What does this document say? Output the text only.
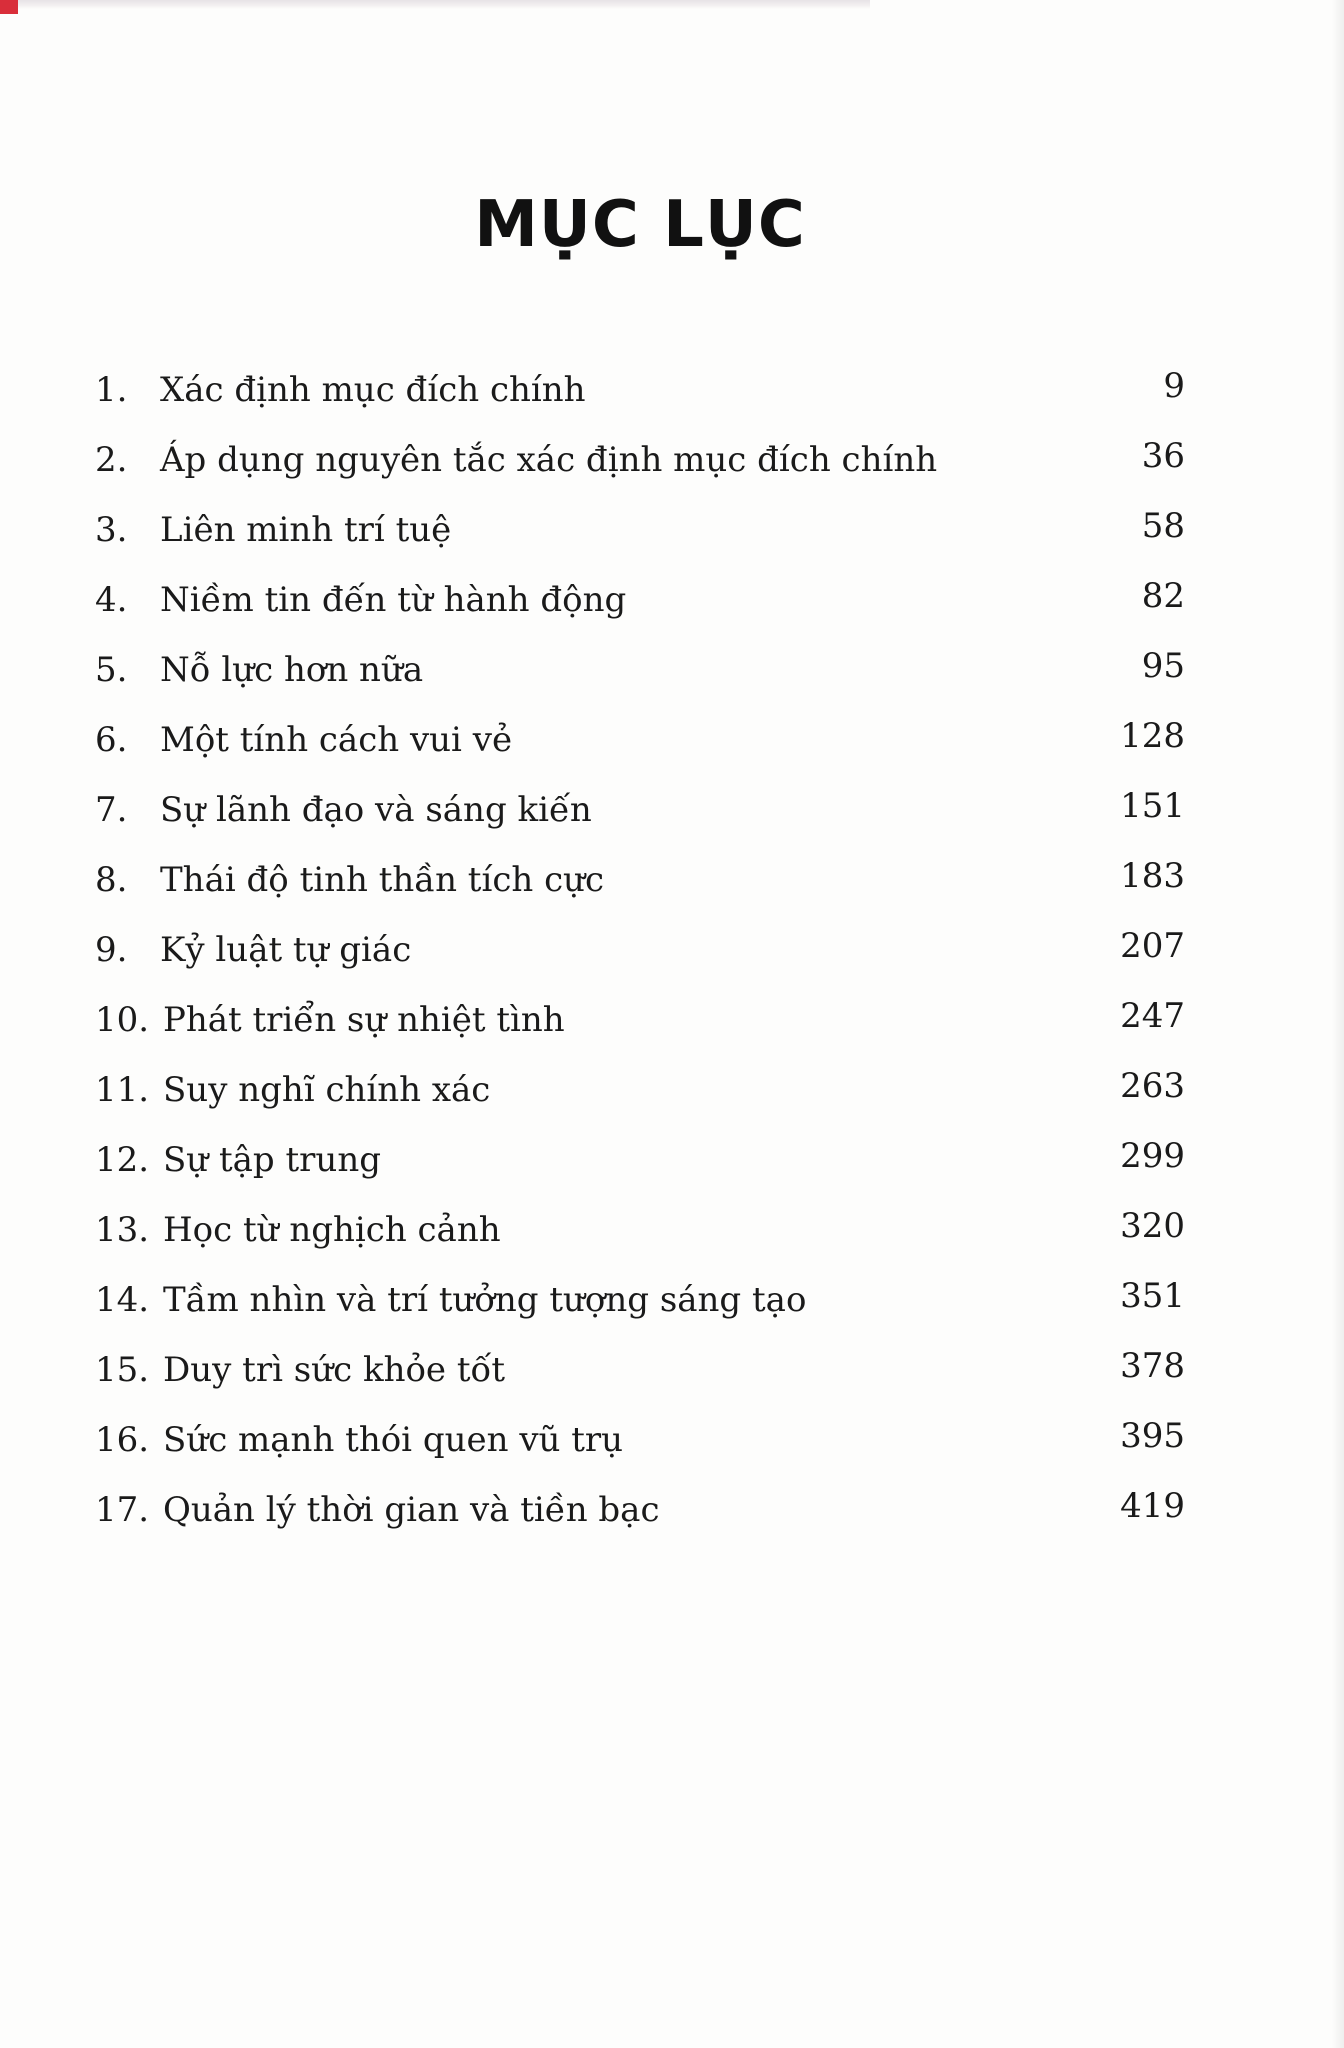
MỤC LỤC
1. Xác định mục đích chính	9
2. Áp dụng nguyên tắc xác định mục đích chính	36
3. Liên minh trí tuệ	58
4. Niềm tin đến từ hành động	82
5. Nỗ lực hơn nữa	95
6. Một tính cách vui vẻ	128
7. Sự lãnh đạo và sáng kiến	151
8. Thái độ tinh thần tích cực	183
9. Kỷ luật tự giác	207
10. Phát triển sự nhiệt tình	247
11. Suy nghĩ chính xác	263
12. Sự tập trung	299
13. Học từ nghịch cảnh	320
14. Tầm nhìn và trí tưởng tượng sáng tạo	351
15. Duy trì sức khỏe tốt	378
16. Sức mạnh thói quen vũ trụ	395
17. Quản lý thời gian và tiền bạc	419
